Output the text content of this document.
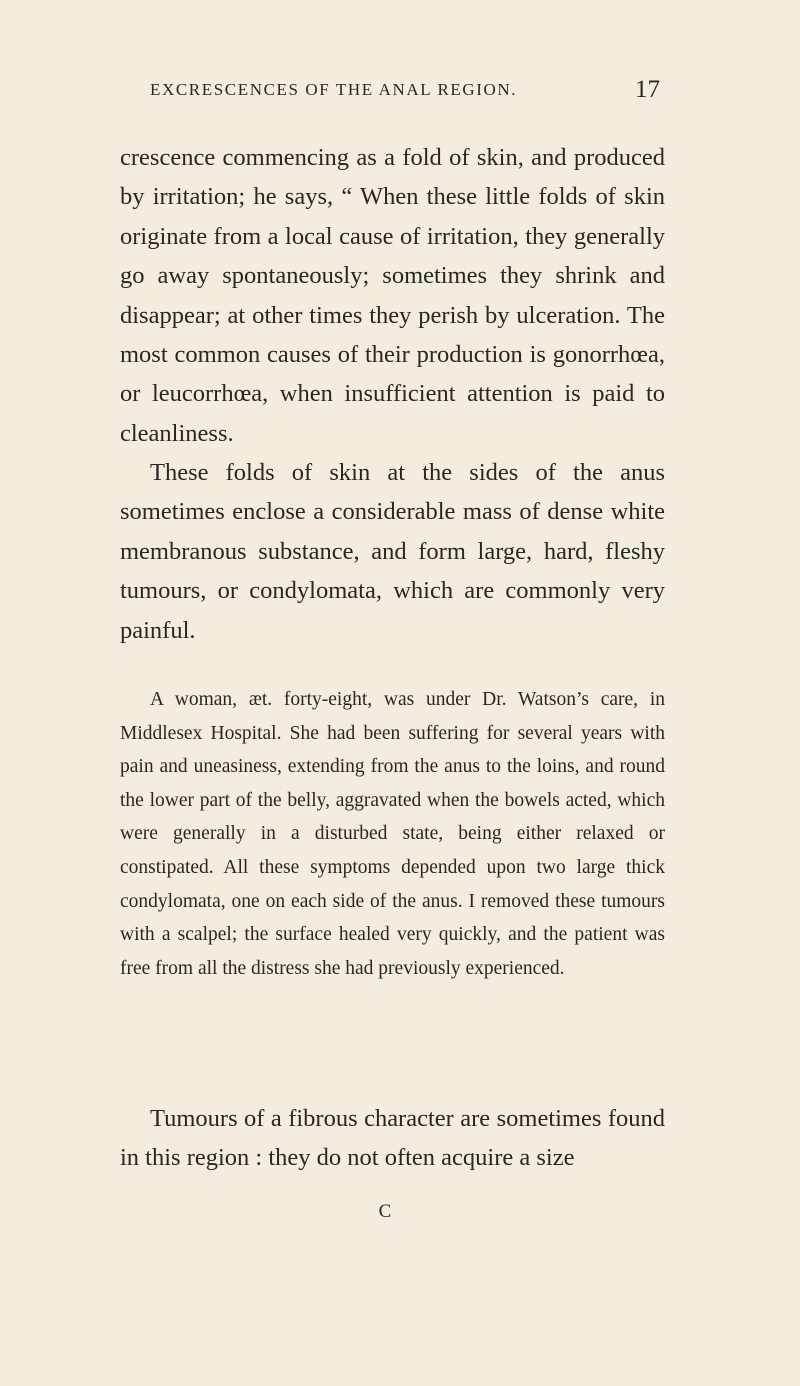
EXCRESCENCES OF THE ANAL REGION.	17

crescence commencing as a fold of skin, and produced by irritation; he says, “ When these little folds of skin originate from a local cause of irritation, they generally go away spontaneously; sometimes they shrink and disappear; at other times they perish by ulceration. The most common causes of their production is gonorrhœa, or leucorrhœa, when insufficient attention is paid to cleanliness.

These folds of skin at the sides of the anus sometimes enclose a considerable mass of dense white membranous substance, and form large, hard, fleshy tumours, or condylomata, which are commonly very painful.

A woman, æt. forty-eight, was under Dr. Watson’s care, in Middlesex Hospital. She had been suffering for several years with pain and uneasiness, extending from the anus to the loins, and round the lower part of the belly, aggravated when the bowels acted, which were generally in a disturbed state, being either relaxed or constipated. All these symptoms depended upon two large thick condylomata, one on each side of the anus. I removed these tumours with a scalpel; the surface healed very quickly, and the patient was free from all the distress she had previously experienced.

Tumours of a fibrous character are sometimes found in this region : they do not often acquire a size

C
